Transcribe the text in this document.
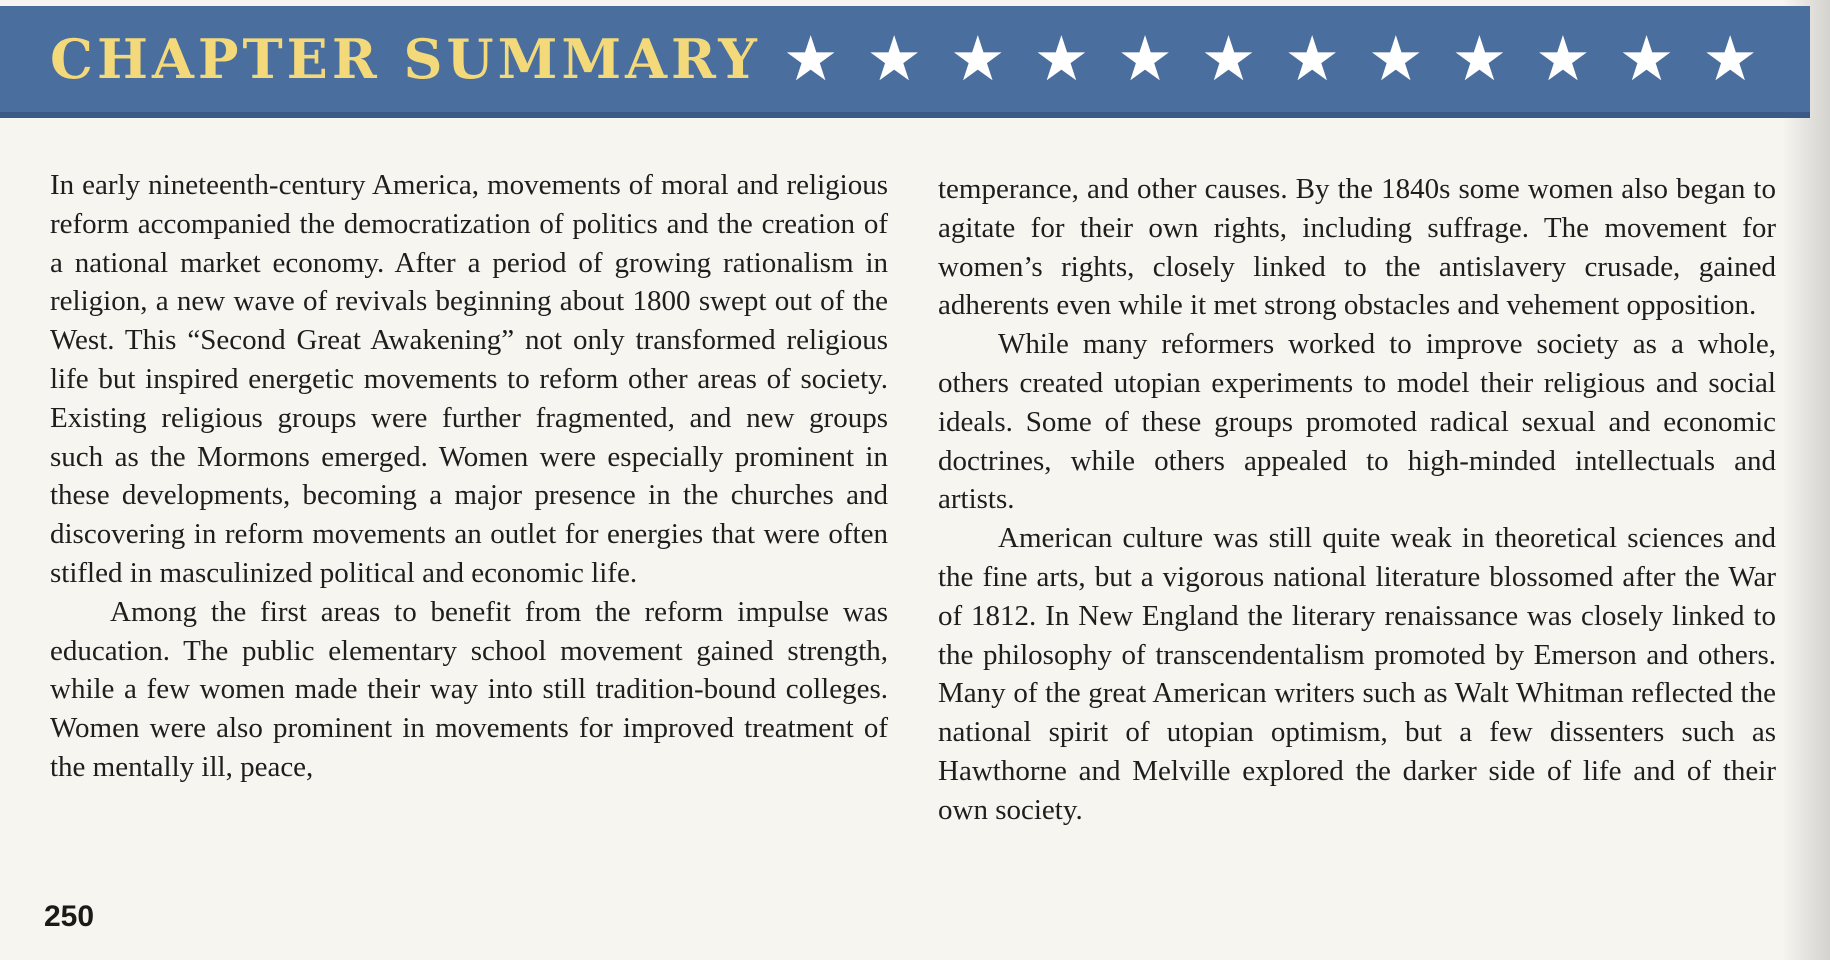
CHAPTER SUMMARY ★ ★ ★ ★ ★ ★ ★ ★ ★ ★ ★ ★

In early nineteenth-century America, movements of moral and religious reform accompanied the democratization of politics and the creation of a national market economy. After a period of growing rationalism in religion, a new wave of revivals beginning about 1800 swept out of the West. This “Second Great Awakening” not only transformed religious life but inspired energetic movements to reform other areas of society. Existing religious groups were further fragmented, and new groups such as the Mormons emerged. Women were especially prominent in these developments, becoming a major presence in the churches and discovering in reform movements an outlet for energies that were often stifled in masculinized political and economic life.

Among the first areas to benefit from the reform impulse was education. The public elementary school movement gained strength, while a few women made their way into still tradition-bound colleges. Women were also prominent in movements for improved treatment of the mentally ill, peace,

temperance, and other causes. By the 1840s some women also began to agitate for their own rights, including suffrage. The movement for women’s rights, closely linked to the antislavery crusade, gained adherents even while it met strong obstacles and vehement opposition.

While many reformers worked to improve society as a whole, others created utopian experiments to model their religious and social ideals. Some of these groups promoted radical sexual and economic doctrines, while others appealed to high-minded intellectuals and artists.

American culture was still quite weak in theoretical sciences and the fine arts, but a vigorous national literature blossomed after the War of 1812. In New England the literary renaissance was closely linked to the philosophy of transcendentalism promoted by Emerson and others. Many of the great American writers such as Walt Whitman reflected the national spirit of utopian optimism, but a few dissenters such as Hawthorne and Melville explored the darker side of life and of their own society.

250
